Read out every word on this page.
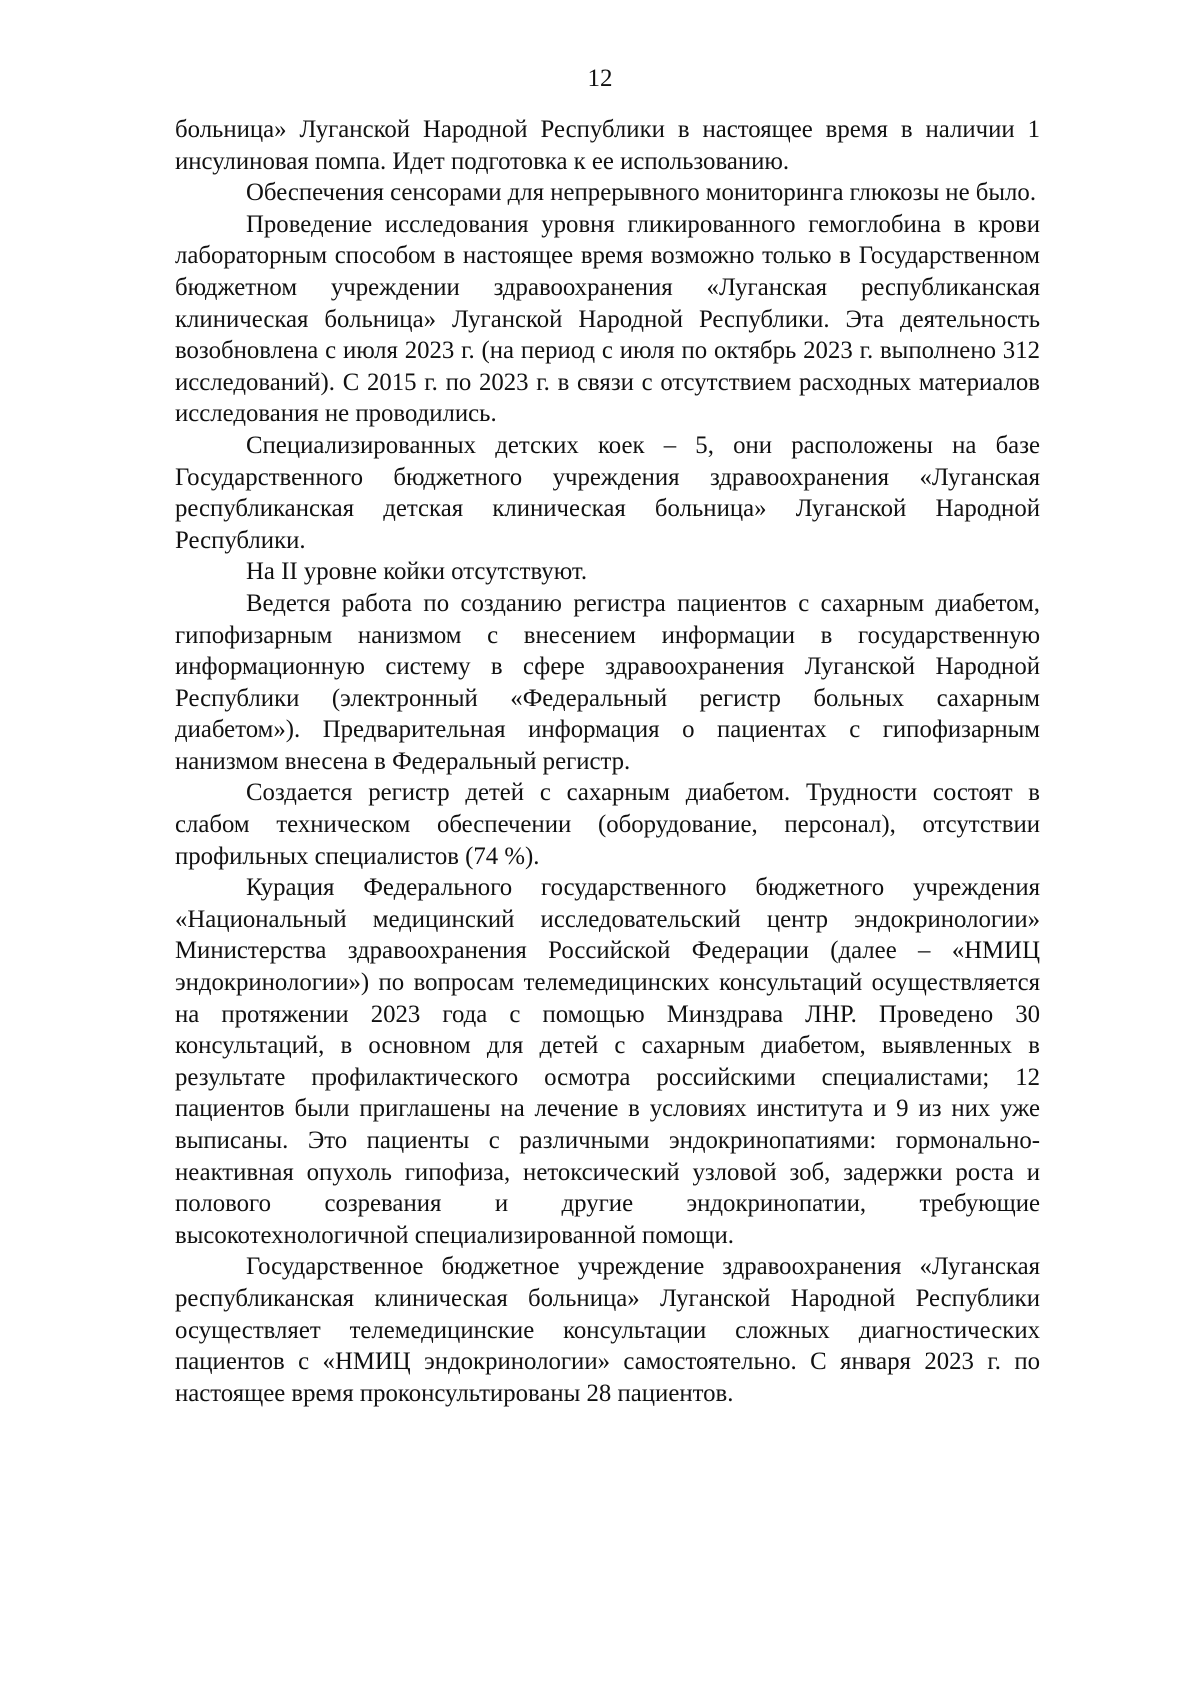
12

больница» Луганской Народной Республики в настоящее время в наличии 1 инсулиновая помпа. Идет подготовка к ее использованию.

Обеспечения сенсорами для непрерывного мониторинга глюкозы не было.

Проведение исследования уровня гликированного гемоглобина в крови лабораторным способом в настоящее время возможно только в Государственном бюджетном учреждении здравоохранения «Луганская республиканская клиническая больница» Луганской Народной Республики. Эта деятельность возобновлена с июля 2023 г. (на период с июля по октябрь 2023 г. выполнено 312 исследований). С 2015 г. по 2023 г. в связи с отсутствием расходных материалов исследования не проводились.

Специализированных детских коек – 5, они расположены на базе Государственного бюджетного учреждения здравоохранения «Луганская республиканская детская клиническая больница» Луганской Народной Республики.

На II уровне койки отсутствуют.

Ведется работа по созданию регистра пациентов с сахарным диабетом, гипофизарным нанизмом с внесением информации в государственную информационную систему в сфере здравоохранения Луганской Народной Республики (электронный «Федеральный регистр больных сахарным диабетом»). Предварительная информация о пациентах с гипофизарным нанизмом внесена в Федеральный регистр.

Создается регистр детей с сахарным диабетом. Трудности состоят в слабом техническом обеспечении (оборудование, персонал), отсутствии профильных специалистов (74 %).

Курация Федерального государственного бюджетного учреждения «Национальный медицинский исследовательский центр эндокринологии» Министерства здравоохранения Российской Федерации (далее – «НМИЦ эндокринологии») по вопросам телемедицинских консультаций осуществляется на протяжении 2023 года с помощью Минздрава ЛНР. Проведено 30 консультаций, в основном для детей с сахарным диабетом, выявленных в результате профилактического осмотра российскими специалистами; 12 пациентов были приглашены на лечение в условиях института и 9 из них уже выписаны. Это пациенты с различными эндокринопатиями: гормонально-неактивная опухоль гипофиза, нетоксический узловой зоб, задержки роста и полового созревания и другие эндокринопатии, требующие высокотехнологичной специализированной помощи.

Государственное бюджетное учреждение здравоохранения «Луганская республиканская клиническая больница» Луганской Народной Республики осуществляет телемедицинские консультации сложных диагностических пациентов с «НМИЦ эндокринологии» самостоятельно. С января 2023 г. по настоящее время проконсультированы 28 пациентов.
